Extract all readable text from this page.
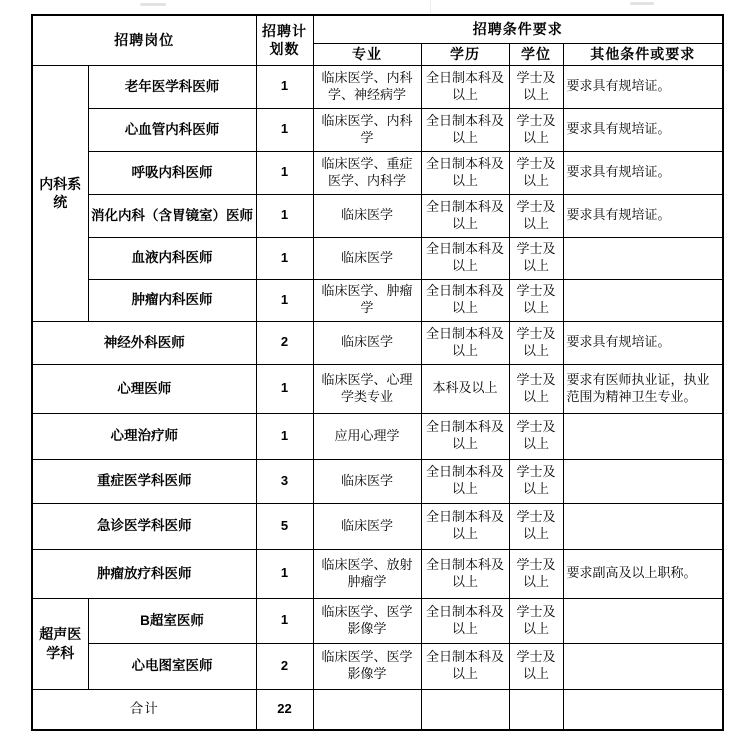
招聘岗位		招聘计划数	招聘条件要求			
			专业	学历	学位	其他条件或要求
内科系统	老年医学科医师	1	临床医学、内科学、神经病学	全日制本科及以上	学士及以上	要求具有规培证。
	心血管内科医师	1	临床医学、内科学	全日制本科及以上	学士及以上	要求具有规培证。
	呼吸内科医师	1	临床医学、重症医学、内科学	全日制本科及以上	学士及以上	要求具有规培证。
	消化内科（含胃镜室）医师	1	临床医学	全日制本科及以上	学士及以上	要求具有规培证。
	血液内科医师	1	临床医学	全日制本科及以上	学士及以上	
	肿瘤内科医师	1	临床医学、肿瘤学	全日制本科及以上	学士及以上	
神经外科医师		2	临床医学	全日制本科及以上	学士及以上	要求具有规培证。
心理医师		1	临床医学、心理学类专业	本科及以上	学士及以上	要求有医师执业证，执业范围为精神卫生专业。
心理治疗师		1	应用心理学	全日制本科及以上	学士及以上	
重症医学科医师		3	临床医学	全日制本科及以上	学士及以上	
急诊医学科医师		5	临床医学	全日制本科及以上	学士及以上	
肿瘤放疗科医师		1	临床医学、放射肿瘤学	全日制本科及以上	学士及以上	要求副高及以上职称。
超声医学科	B超室医师	1	临床医学、医学影像学	全日制本科及以上	学士及以上	
	心电图室医师	2	临床医学、医学影像学	全日制本科及以上	学士及以上	
合计		22				
